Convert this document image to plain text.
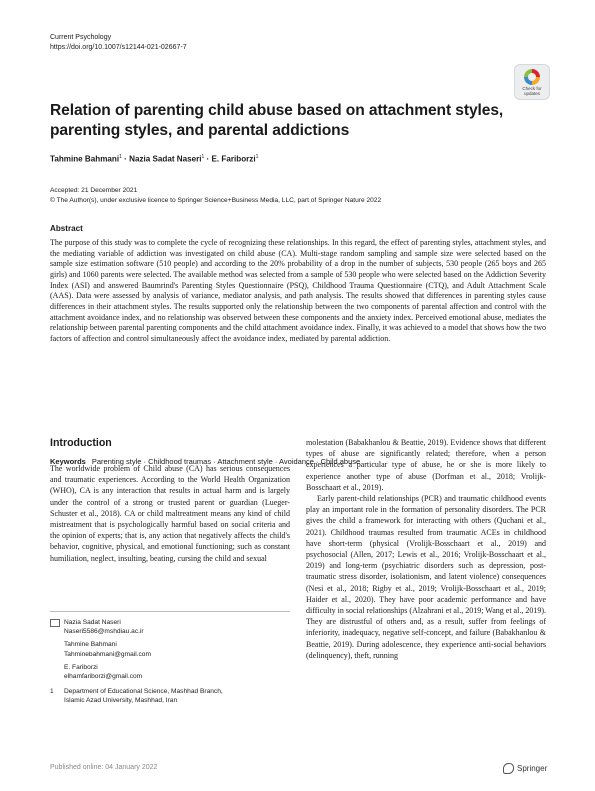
Current Psychology
https://doi.org/10.1007/s12144-021-02667-7
Check for
updates
Relation of parenting child abuse based on attachment styles, parenting styles, and parental addictions
Tahmine Bahmani$^1$ · Nazia Sadat Naseri$^1$ · E. Fariborzi$^1$
Accepted: 21 December 2021
© The Author(s), under exclusive licence to Springer Science+Business Media, LLC, part of Springer Nature 2022
Abstract

The purpose of this study was to complete the cycle of recognizing these relationships. In this regard, the effect of parenting styles, attachment styles, and the mediating variable of addiction was investigated on child abuse (CA). Multi-stage random sampling and sample size were selected based on the sample size estimation software (510 people) and according to the 20% probability of a drop in the number of subjects, 530 people (265 boys and 265 girls) and 1060 parents were selected. The available method was selected from a sample of 530 people who were selected based on the Addiction Severity Index (ASI) and answered Baumrind's Parenting Styles Questionnaire (PSQ), Childhood Trauma Questionnaire (CTQ), and Adult Attachment Scale (AAS). Data were assessed by analysis of variance, mediator analysis, and path analysis. The results showed that differences in parenting styles cause differences in their attachment styles. The results supported only the relationship between the two components of parental affection and control with the attachment avoidance index, and no relationship was observed between these components and the anxiety index. Perceived emotional abuse, mediates the relationship between parental parenting components and the child attachment avoidance index. Finally, it was achieved to a model that shows how the two factors of affection and control simultaneously affect the avoidance index, mediated by parental addiction.

Keywords Parenting style · Childhood traumas · Attachment style · Avoidance · Child abuse
Introduction

The worldwide problem of Child abuse (CA) has serious consequences and traumatic experiences. According to the World Health Organization (WHO), CA is any interaction that results in actual harm and is largely under the control of a strong or trusted parent or guardian (Lueger-Schuster et al., 2018). CA or child maltreatment means any kind of child mistreatment that is psychologically harmful based on social criteria and the opinion of experts; that is, any action that negatively affects the child's behavior, cognitive, physical, and emotional functioning; such as constant humiliation, neglect, insulting, beating, cursing the child and sexual

molestation (Babakhanlou & Beattie, 2019). Evidence shows that different types of abuse are significantly related; therefore, when a person experiences a particular type of abuse, he or she is more likely to experience another type of abuse (Dorfman et al., 2018; Vrolijk-Bosschaart et al., 2019).

Early parent-child relationships (PCR) and traumatic childhood events play an important role in the formation of personality disorders. The PCR gives the child a framework for interacting with others (Quchani et al., 2021). Childhood traumas resulted from traumatic ACEs in childhood have short-term (physical (Vrolijk-Bosschaart et al., 2019) and psychosocial (Allen, 2017; Lewis et al., 2016; Vrolijk-Bosschaart et al., 2019) and long-term (psychiatric disorders such as depression, post-traumatic stress disorder, isolationism, and latent violence) consequences (Nesi et al., 2018; Rigby et al., 2019; Vrolijk-Bosschaart et al., 2019; Haider et al., 2020). They have poor academic performance and have difficulty in social relationships (Alzahrani et al., 2019; Wang et al., 2019). They are distrustful of others and, as a result, suffer from feelings of inferiority, inadequacy, negative self-concept, and failure (Babakhanlou & Beattie, 2019). During adolescence, they experience anti-social behaviors (delinquency), theft, running

Nazia Sadat Naseri
Naseri5586@mshdiau.ac.ir
Tahmine Bahmani
Tahminebahmani@gmail.com
E. Fariborzi
elhamfariborzi@gmail.com
1	Department of Educational Science, Mashhad Branch,
Islamic Azad University, Mashhad, Iran
Published online: 04 January 2022	Springer
